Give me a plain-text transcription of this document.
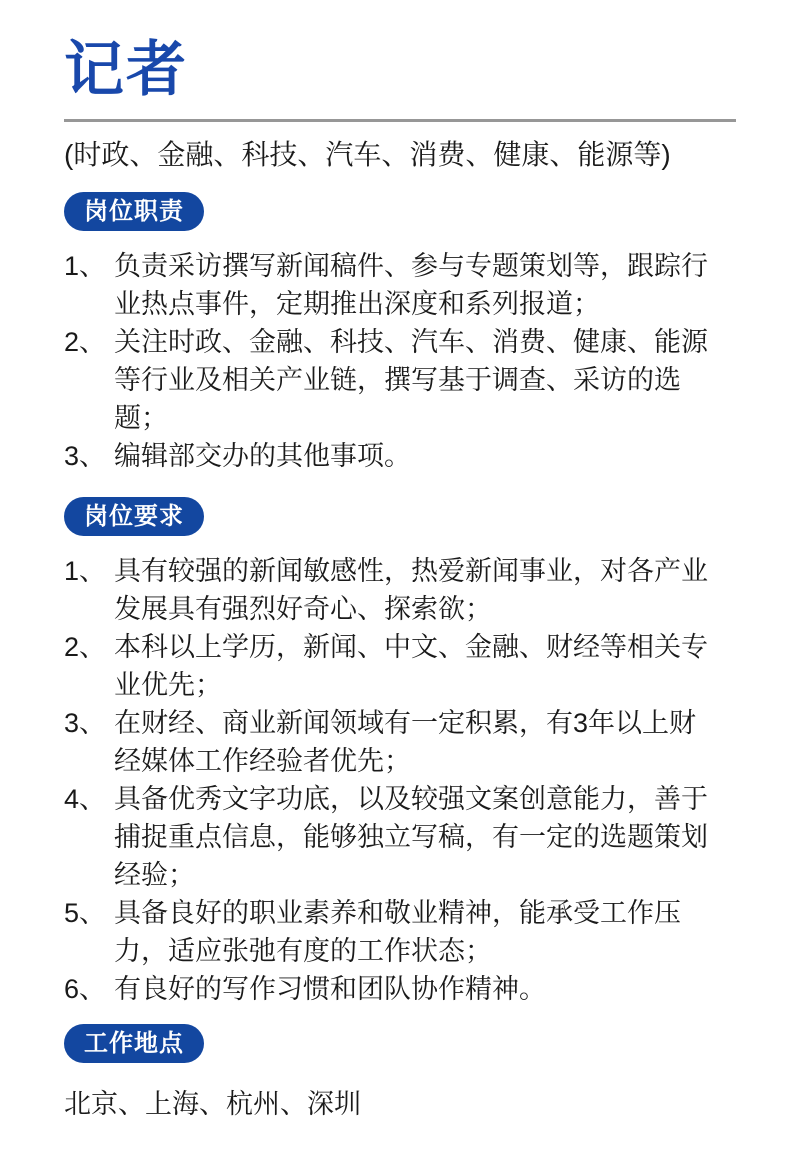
记者

(时政、金融、科技、汽车、消费、健康、能源等)

岗位职责
1、 负责采访撰写新闻稿件、参与专题策划等，跟踪行业热点事件，定期推出深度和系列报道；
2、 关注时政、金融、科技、汽车、消费、健康、能源等行业及相关产业链，撰写基于调查、采访的选题；
3、 编辑部交办的其他事项。
岗位要求
1、 具有较强的新闻敏感性，热爱新闻事业，对各产业发展具有强烈好奇心、探索欲；
2、 本科以上学历，新闻、中文、金融、财经等相关专业优先；
3、 在财经、商业新闻领域有一定积累，有3年以上财经媒体工作经验者优先；
4、 具备优秀文字功底，以及较强文案创意能力，善于捕捉重点信息，能够独立写稿，有一定的选题策划经验；
5、 具备良好的职业素养和敬业精神，能承受工作压力，适应张弛有度的工作状态；
6、 有良好的写作习惯和团队协作精神。
工作地点

北京、上海、杭州、深圳
